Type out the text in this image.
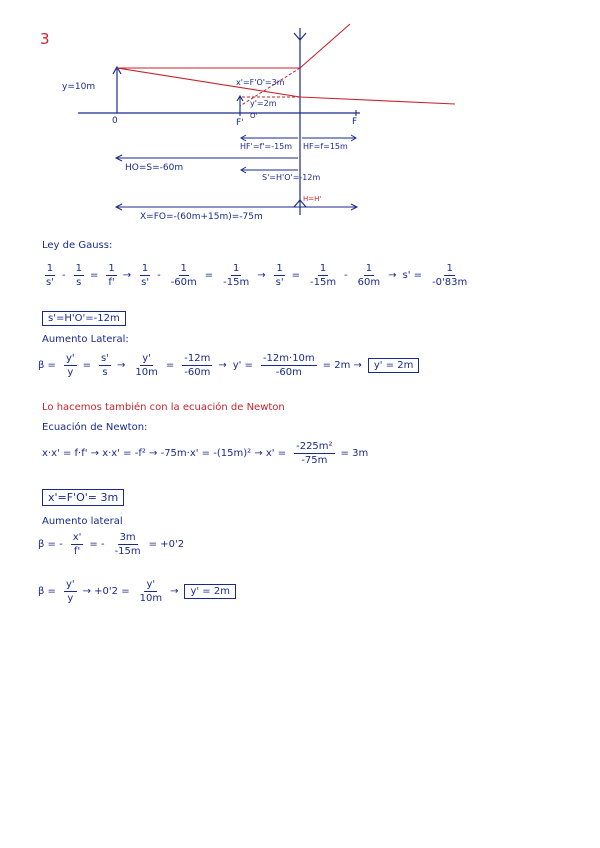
3
y=10m
0	F'
O'
F
x'=F'O'=3m
y'=2m
HF'=f'=-15m HF=f=15m
HO=S=-60m
S'=H'O'=-12m
H=H'
X=FO=-(60m+15m)=-75m
Ley de Gauss:
$\frac{1}{s'} - \frac{1}{s} = \frac{1}{f'} \to \frac{1}{s'} - \frac{1}{-60m} = \frac{1}{-15m} \to \frac{1}{s'} = \frac{1}{-15m} - \frac{1}{60m} \to s' = \frac{1}{-0'83m}$
s'=H'O'=-12m
Aumento Lateral:
$\beta = \frac{y'}{y} = \frac{s'}{s} \to \frac{y'}{10m} = \frac{-12m}{-60m} \to y' = \frac{-12m\cdot 10m}{-60m} = 2m$ →	y' = 2m
Lo hacemos también con la ecuación de Newton
Ecuación de Newton:
$x\cdot x' = f\cdot f' \to x\cdot x' = -f^2 \to -75m\cdot x' = -(15m)^2 \to x' = \frac{\text{-225m²}}{-75m} = 3m$
x'=F'O'= 3m
Aumento lateral
β = - $\frac{x'}{f'}$ = - $\frac{3m}{-15m} = +0'2$
$\beta = \frac{y'}{y} \to +0'2 = \frac{y'}{10m}$ →	y' = 2m
